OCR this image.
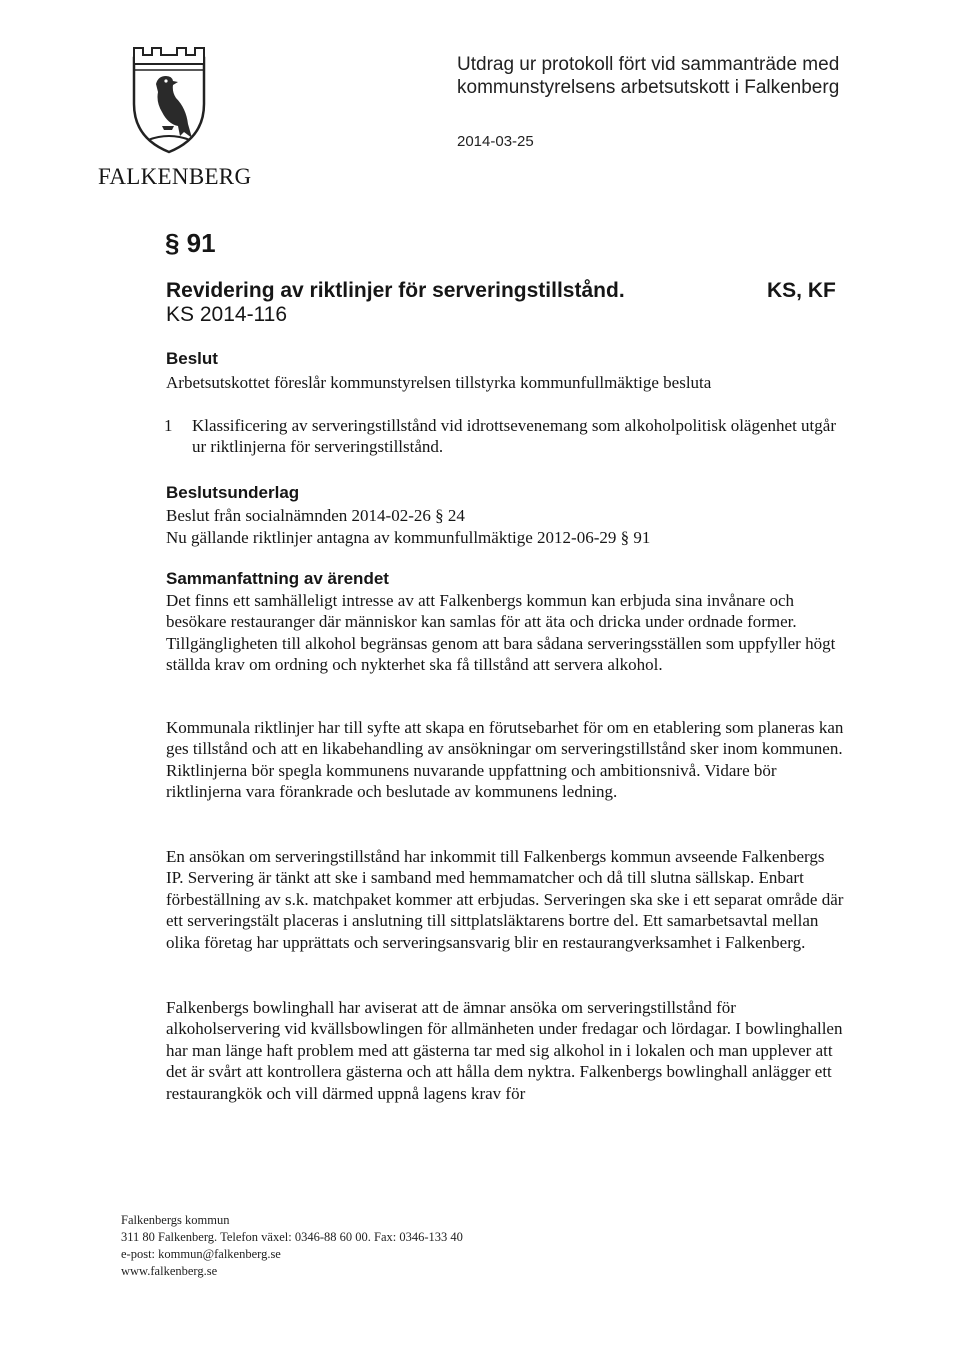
FALKENBERG
Utdrag ur protokoll fört vid sammanträde med
kommunstyrelsens arbetsutskott i Falkenberg
2014-03-25
§ 91
Revidering av riktlinjer för serveringstillstånd.
KS 2014-116
KS, KF
Beslut
Arbetsutskottet föreslår kommunstyrelsen tillstyrka kommunfullmäktige besluta
1	Klassificering av serveringstillstånd vid idrottsevenemang som alkoholpolitisk olägenhet utgår ur riktlinjerna för serveringstillstånd.
Beslutsunderlag
Beslut från socialnämnden 2014-02-26 § 24
Nu gällande riktlinjer antagna av kommunfullmäktige 2012-06-29 § 91
Sammanfattning av ärendet
Det finns ett samhälleligt intresse av att Falkenbergs kommun kan erbjuda sina invånare och besökare restauranger där människor kan samlas för att äta och dricka under ordnade former. Tillgängligheten till alkohol begränsas genom att bara sådana serveringsställen som uppfyller högt ställda krav om ordning och nykterhet ska få tillstånd att servera alkohol.
Kommunala riktlinjer har till syfte att skapa en förutsebarhet för om en etablering som planeras kan ges tillstånd och att en likabehandling av ansökningar om serveringstillstånd sker inom kommunen. Riktlinjerna bör spegla kommunens nuvarande uppfattning och ambitionsnivå. Vidare bör riktlinjerna vara förankrade och beslutade av kommunens ledning.
En ansökan om serveringstillstånd har inkommit till Falkenbergs kommun avseende Falkenbergs IP. Servering är tänkt att ske i samband med hemmamatcher och då till slutna sällskap. Enbart förbeställning av s.k. matchpaket kommer att erbjudas. Serveringen ska ske i ett separat område där ett serveringstält placeras i anslutning till sittplatsläktarens bortre del. Ett samarbetsavtal mellan olika företag har upprättats och serveringsansvarig blir en restaurangverksamhet i Falkenberg.
Falkenbergs bowlinghall har aviserat att de ämnar ansöka om serveringstillstånd för alkoholservering vid kvällsbowlingen för allmänheten under fredagar och lördagar. I bowlinghallen har man länge haft problem med att gästerna tar med sig alkohol in i lokalen och man upplever att det är svårt att kontrollera gästerna och att hålla dem nyktra. Falkenbergs bowlinghall anlägger ett restaurangkök och vill därmed uppnå lagens krav för
Falkenbergs kommun
311 80 Falkenberg. Telefon växel: 0346-88 60 00. Fax: 0346-133 40
e-post: kommun@falkenberg.se
www.falkenberg.se
